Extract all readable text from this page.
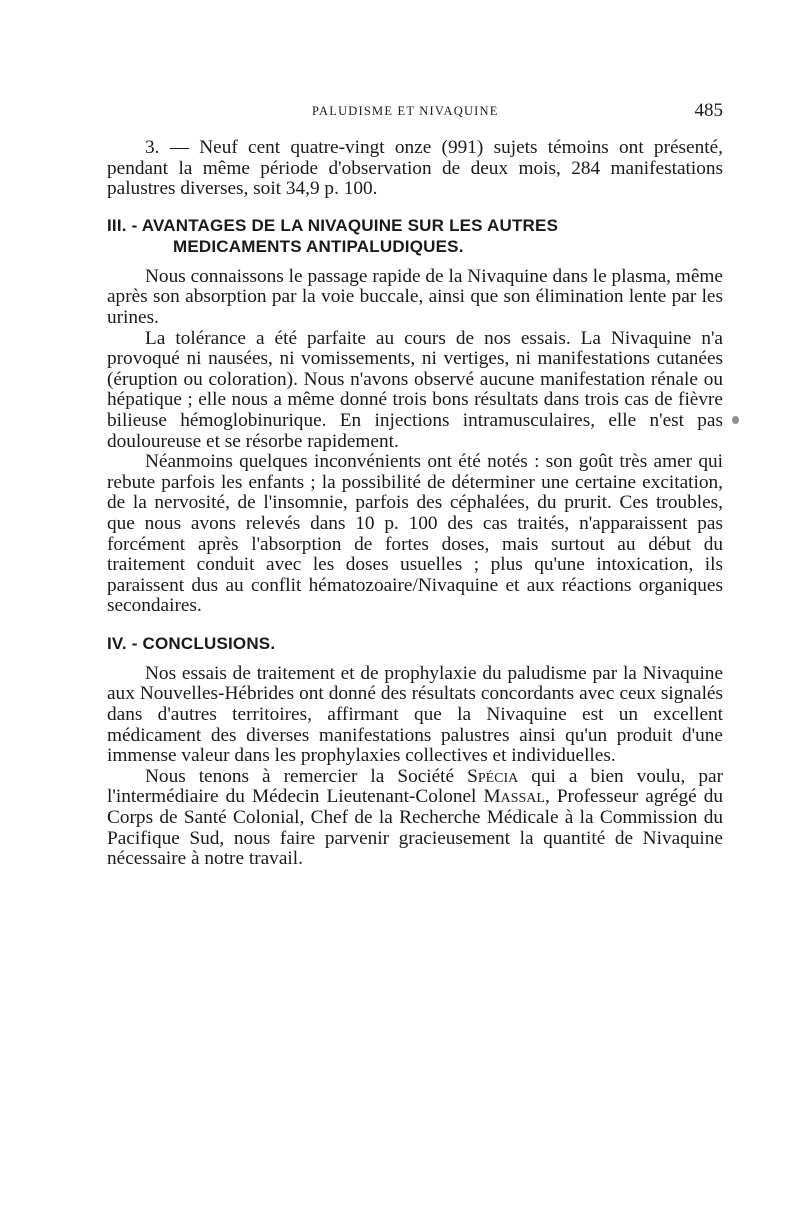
PALUDISME ET NIVAQUINE	485

3. — Neuf cent quatre-vingt onze (991) sujets témoins ont présenté, pendant la même période d'observation de deux mois, 284 manifestations palustres diverses, soit 34,9 p. 100.

III. - AVANTAGES DE LA NIVAQUINE SUR LES AUTRES
MEDICAMENTS ANTIPALUDIQUES.

Nous connaissons le passage rapide de la Nivaquine dans le plasma, même après son absorption par la voie buccale, ainsi que son élimination lente par les urines.

La tolérance a été parfaite au cours de nos essais. La Nivaquine n'a provoqué ni nausées, ni vomissements, ni vertiges, ni manifestations cutanées (éruption ou coloration). Nous n'avons observé aucune manifestation rénale ou hépatique ; elle nous a même donné trois bons résultats dans trois cas de fièvre bilieuse hémoglobinurique. En injections intramusculaires, elle n'est pas douloureuse et se résorbe rapidement.

Néanmoins quelques inconvénients ont été notés : son goût très amer qui rebute parfois les enfants ; la possibilité de déterminer une certaine excitation, de la nervosité, de l'insomnie, parfois des céphalées, du prurit. Ces troubles, que nous avons relevés dans 10 p. 100 des cas traités, n'apparaissent pas forcément après l'absorption de fortes doses, mais surtout au début du traitement conduit avec les doses usuelles ; plus qu'une intoxication, ils paraissent dus au conflit hématozoaire/Nivaquine et aux réactions organiques secondaires.

IV. - CONCLUSIONS.

Nos essais de traitement et de prophylaxie du paludisme par la Nivaquine aux Nouvelles-Hébrides ont donné des résultats concordants avec ceux signalés dans d'autres territoires, affirmant que la Nivaquine est un excellent médicament des diverses manifestations palustres ainsi qu'un produit d'une immense valeur dans les prophylaxies collectives et individuelles.

Nous tenons à remercier la Société Spécia qui a bien voulu, par l'intermédiaire du Médecin Lieutenant-Colonel Massal, Professeur agrégé du Corps de Santé Colonial, Chef de la Recherche Médicale à la Commission du Pacifique Sud, nous faire parvenir gracieusement la quantité de Nivaquine nécessaire à notre travail.
